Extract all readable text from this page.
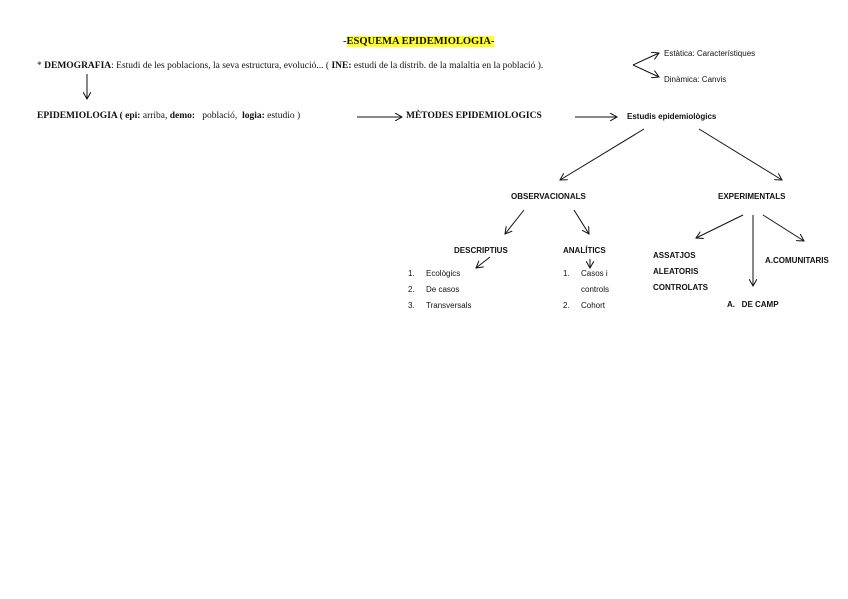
-ESQUEMA EPIDEMIOLOGIA-
* DEMOGRAFIA: Estudi de les poblacions, la seva estructura, evolució... ( INE: estudi de la distrib. de la malaltia en la població ).
Estàtica: Característiques
Dinàmica: Canvis
EPIDEMIOLOGIA ( epi: arriba, demo:   població,  logia: estudio )	MÈTODES EPIDEMIOLOGICS	Estudis epidemiològics
OBSERVACIONALS
DESCRIPTIUS	ANALÍTICS
1. Ecològics
2. De casos
3. Transversals
1. Casos i
controls
2. Cohort
EXPERIMENTALS
ASSATJOS
ALEATORIS
CONTROLATS
A.COMUNITARIS
A.   DE CAMP
